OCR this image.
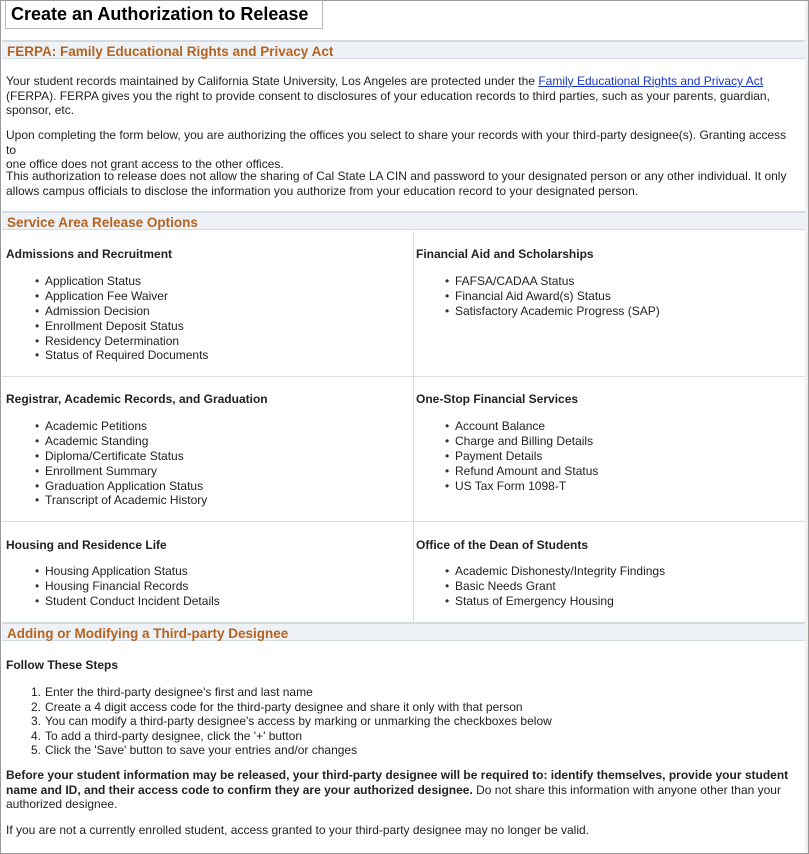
Create an Authorization to Release
FERPA: Family Educational Rights and Privacy Act
Your student records maintained by California State University, Los Angeles are protected under the Family Educational Rights and Privacy Act
(FERPA). FERPA gives you the right to provide consent to disclosures of your education records to third parties, such as your parents, guardian,
sponsor, etc.
Upon completing the form below, you are authorizing the offices you select to share your records with your third-party designee(s). Granting access to
one office does not grant access to the other offices.
This authorization to release does not allow the sharing of Cal State LA CIN and password to your designated person or any other individual. It only
allows campus officials to disclose the information you authorize from your education record to your designated person.
Service Area Release Options
Admissions and Recruitment
• Application Status
• Application Fee Waiver
• Admission Decision
• Enrollment Deposit Status
• Residency Determination
• Status of Required Documents
Financial Aid and Scholarships
• FAFSA/CADAA Status
• Financial Aid Award(s) Status
• Satisfactory Academic Progress (SAP)
Registrar, Academic Records, and Graduation
• Academic Petitions
• Academic Standing
• Diploma/Certificate Status
• Enrollment Summary
• Graduation Application Status
• Transcript of Academic History
One-Stop Financial Services
• Account Balance
• Charge and Billing Details
• Payment Details
• Refund Amount and Status
• US Tax Form 1098-T
Housing and Residence Life
• Housing Application Status
• Housing Financial Records
• Student Conduct Incident Details
Office of the Dean of Students
• Academic Dishonesty/Integrity Findings
• Basic Needs Grant
• Status of Emergency Housing
Adding or Modifying a Third-party Designee
Follow These Steps
1. Enter the third-party designee's first and last name
2. Create a 4 digit access code for the third-party designee and share it only with that person
3. You can modify a third-party designee's access by marking or unmarking the checkboxes below
4. To add a third-party designee, click the '+' button
5. Click the 'Save' button to save your entries and/or changes
Before your student information may be released, your third-party designee will be required to: identify themselves, provide your student
name and ID, and their access code to confirm they are your authorized designee. Do not share this information with anyone other than your
authorized designee.
If you are not a currently enrolled student, access granted to your third-party designee may no longer be valid.
